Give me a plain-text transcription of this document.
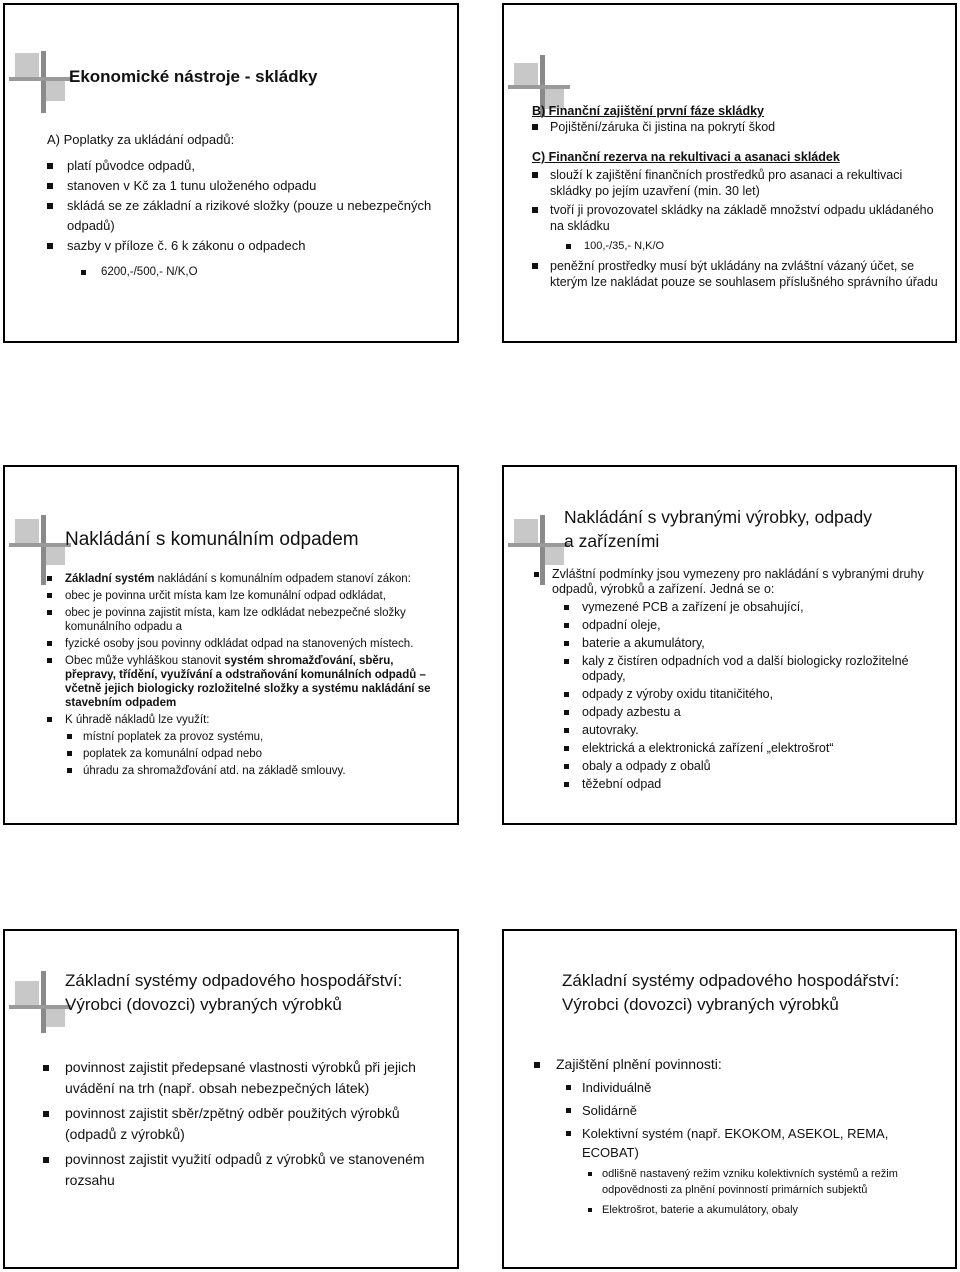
Ekonomické nástroje - skládky
A) Poplatky za ukládání odpadů:
platí původce odpadů,
stanoven v Kč za 1 tunu uloženého odpadu
skládá se ze základní a rizikové složky (pouze u nebezpečných odpadů)
sazby v příloze č. 6 k zákonu o odpadech
6200,-/500,- N/K,O
B) Finanční zajištění první fáze skládky
Pojištění/záruka či jistina na pokrytí škod
C) Finanční rezerva na rekultivaci a asanaci skládek
slouží k zajištění finančních prostředků pro asanaci a rekultivaci skládky po jejím uzavření (min. 30 let)
tvoří ji provozovatel skládky na základě množství odpadu ukládaného na skládku
100,-/35,- N,K/O
peněžní prostředky musí být ukládány na zvláštní vázaný účet, se kterým lze nakládat pouze se souhlasem příslušného správního úřadu
Nakládání s komunálním odpadem
Základní systém nakládání s komunálním odpadem stanoví zákon:
obec je povinna určit místa kam lze komunální odpad odkládat,
obec je povinna zajistit místa, kam lze odkládat nebezpečné složky komunálního odpadu a
fyzické osoby jsou povinny odkládat odpad na stanovených místech.
Obec může vyhláškou stanovit systém shromažďování, sběru, přepravy, třídění, využívání a odstraňování komunálních odpadů – včetně jejich biologicky rozložitelné složky a systému nakládání se stavebním odpadem
K úhradě nákladů lze využít:
místní poplatek za provoz systému,
poplatek za komunální odpad nebo
úhradu za shromažďování atd. na základě smlouvy.
Nakládání s vybranými výrobky, odpady
a zařízeními
Zvláštní podmínky jsou vymezeny pro nakládání s vybranými druhy odpadů, výrobků a zařízení. Jedná se o:
vymezené PCB a zařízení je obsahující,
odpadní oleje,
baterie a akumulátory,
kaly z čistíren odpadních vod a další biologicky rozložitelné odpady,
odpady z výroby oxidu titaničitého,
odpady azbestu a
autovraky.
elektrická a elektronická zařízení „elektrošrot“
obaly a odpady z obalů
těžební odpad
Základní systémy odpadového hospodářství:
Výrobci (dovozci) vybraných výrobků
povinnost zajistit předepsané vlastnosti výrobků při jejich uvádění na trh (např. obsah nebezpečných látek)
povinnost zajistit sběr/zpětný odběr použitých výrobků (odpadů z výrobků)
povinnost zajistit využití odpadů z výrobků ve stanoveném rozsahu
Základní systémy odpadového hospodářství:
Výrobci (dovozci) vybraných výrobků
Zajištění plnění povinnosti:
Individuálně
Solidárně
Kolektivní systém (např. EKOKOM, ASEKOL, REMA, ECOBAT)
odlišně nastavený režim vzniku kolektivních systémů a režim odpovědnosti za plnění povinností primárních subjektů
Elektrošrot, baterie a akumulátory, obaly
